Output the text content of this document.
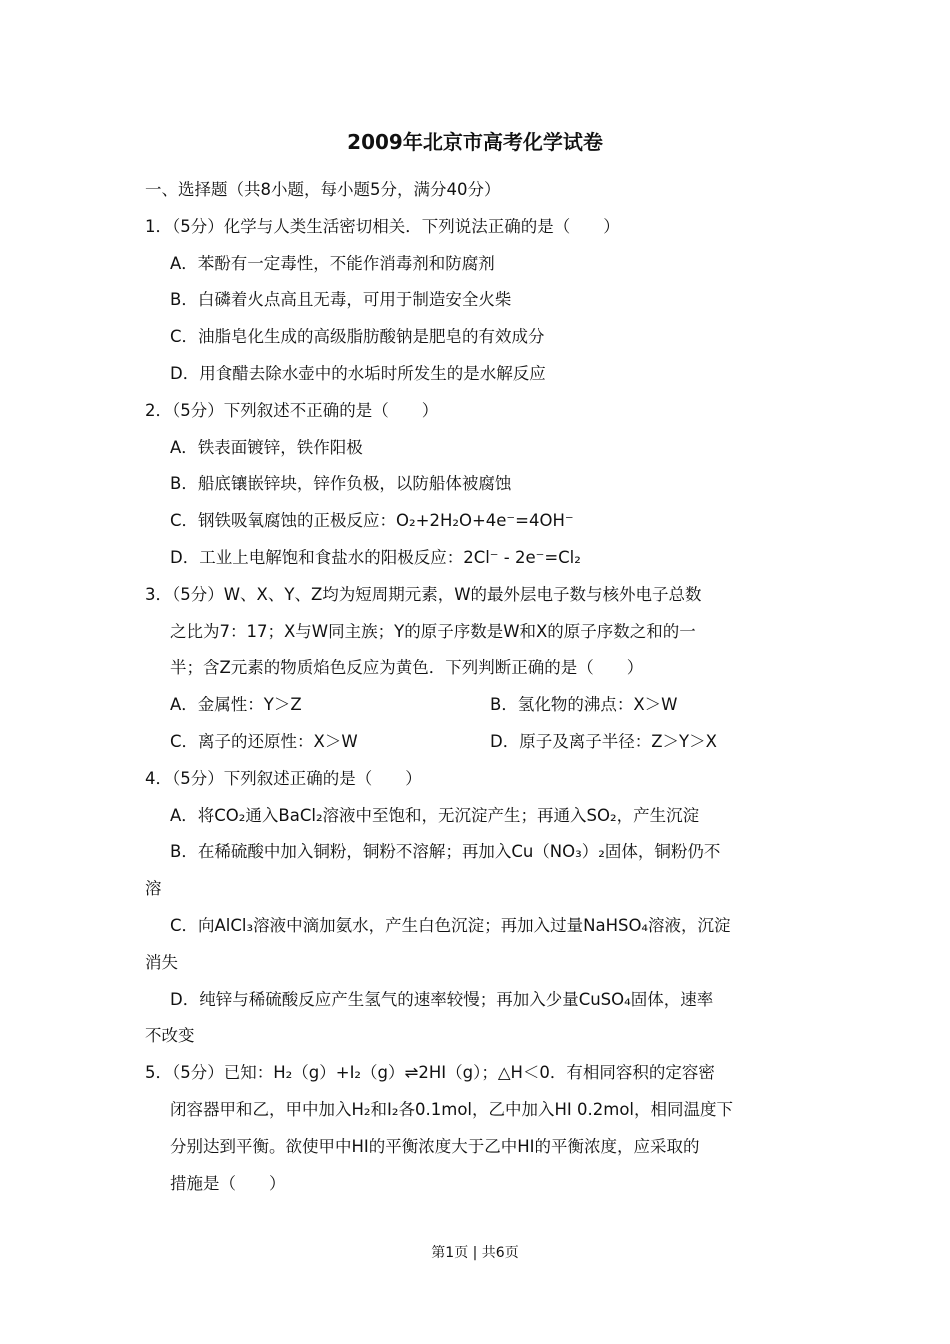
2009年北京市高考化学试卷
一、选择题（共8小题，每小题5分，满分40分）
1．（5分）化学与人类生活密切相关．下列说法正确的是（　　）
A．苯酚有一定毒性，不能作消毒剂和防腐剂
B．白磷着火点高且无毒，可用于制造安全火柴
C．油脂皂化生成的高级脂肪酸钠是肥皂的有效成分
D．用食醋去除水壶中的水垢时所发生的是水解反应
2．（5分）下列叙述不正确的是（　　）
A．铁表面镀锌，铁作阳极
B．船底镶嵌锌块，锌作负极，以防船体被腐蚀
C．钢铁吸氧腐蚀的正极反应：O₂+2H₂O+4e⁻=4OH⁻
D．工业上电解饱和食盐水的阳极反应：2Cl⁻ - 2e⁻=Cl₂
3．（5分）W、X、Y、Z均为短周期元素，W的最外层电子数与核外电子总数
之比为7：17；X与W同主族；Y的原子序数是W和X的原子序数之和的一
半；含Z元素的物质焰色反应为黄色．下列判断正确的是（　　）
A．金属性：Y＞Z	B．氢化物的沸点：X＞W
C．离子的还原性：X＞W	D．原子及离子半径：Z＞Y＞X
4．（5分）下列叙述正确的是（　　）
A．将CO₂通入BaCl₂溶液中至饱和，无沉淀产生；再通入SO₂，产生沉淀
B．在稀硫酸中加入铜粉，铜粉不溶解；再加入Cu（NO₃）₂固体，铜粉仍不
溶
C．向AlCl₃溶液中滴加氨水，产生白色沉淀；再加入过量NaHSO₄溶液，沉淀
消失
D．纯锌与稀硫酸反应产生氢气的速率较慢；再加入少量CuSO₄固体，速率
不改变
5．（5分）已知：H₂（g）+I₂（g）⇌2HI（g）；△H＜0．有相同容积的定容密
闭容器甲和乙，甲中加入H₂和I₂各0.1mol，乙中加入HI 0.2mol，相同温度下
分别达到平衡。欲使甲中HI的平衡浓度大于乙中HI的平衡浓度，应采取的
措施是（　　）
第1页 | 共6页
